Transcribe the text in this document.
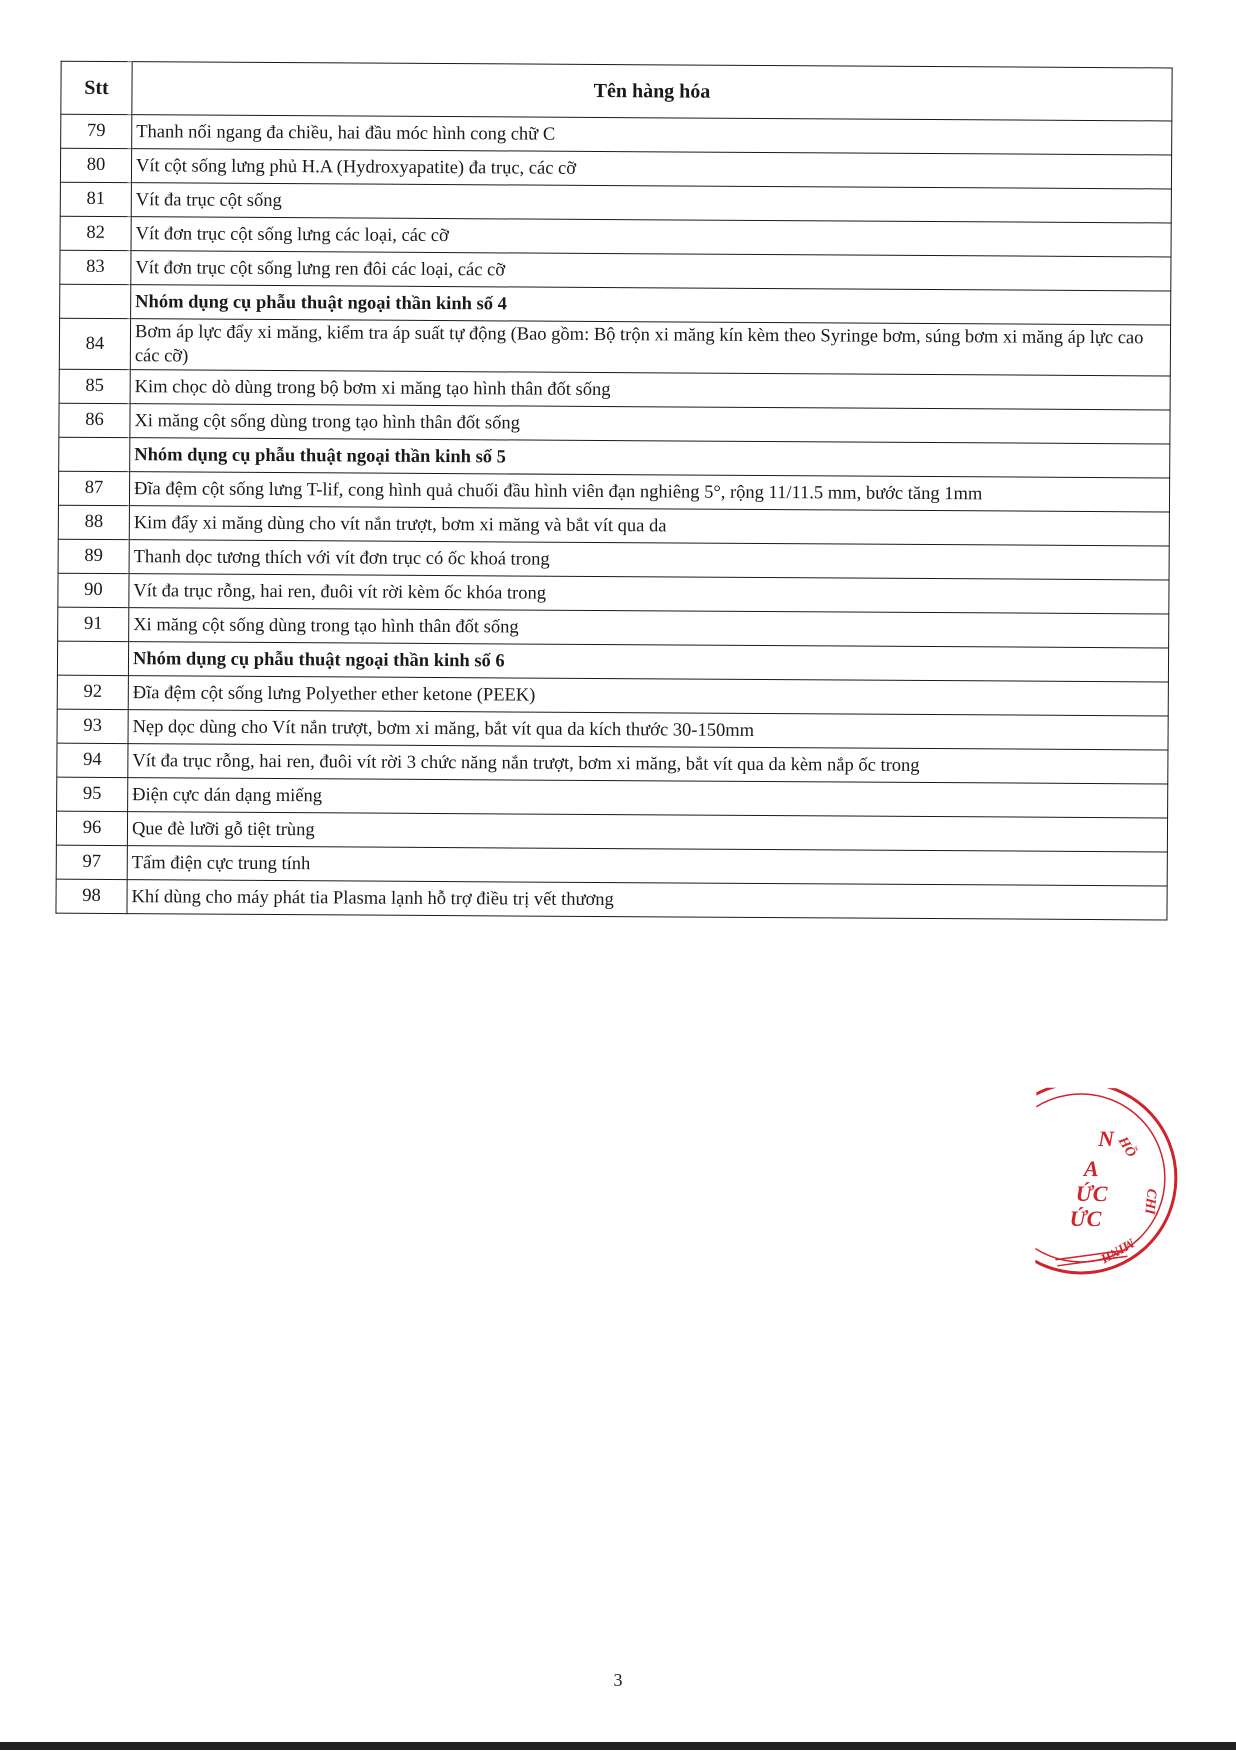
Stt	Tên hàng hóa
79	Thanh nối ngang đa chiều, hai đầu móc hình cong chữ C
80	Vít cột sống lưng phủ H.A (Hydroxyapatite) đa trục, các cỡ
81	Vít đa trục cột sống
82	Vít đơn trục cột sống lưng các loại, các cỡ
83	Vít đơn trục cột sống lưng ren đôi các loại, các cỡ
	Nhóm dụng cụ phẫu thuật ngoại thần kinh số 4
84	Bơm áp lực đẩy xi măng, kiểm tra áp suất tự động (Bao gồm: Bộ trộn xi măng kín kèm theo Syringe bơm, súng bơm xi măng áp lực cao các cỡ)
85	Kim chọc dò dùng trong bộ bơm xi măng tạo hình thân đốt sống
86	Xi măng cột sống dùng trong tạo hình thân đốt sống
	Nhóm dụng cụ phẫu thuật ngoại thần kinh số 5
87	Đĩa đệm cột sống lưng T-lif, cong hình quả chuối đầu hình viên đạn nghiêng 5°, rộng 11/11.5 mm, bước tăng 1mm
88	Kim đẩy xi măng dùng cho vít nắn trượt, bơm xi măng và bắt vít qua da
89	Thanh dọc tương thích với vít đơn trục có ốc khoá trong
90	Vít đa trục rỗng, hai ren, đuôi vít rời kèm ốc khóa trong
91	Xi măng cột sống dùng trong tạo hình thân đốt sống
	Nhóm dụng cụ phẫu thuật ngoại thần kinh số 6
92	Đĩa đệm cột sống lưng Polyether ether ketone (PEEK)
93	Nẹp dọc dùng cho Vít nắn trượt, bơm xi măng, bắt vít qua da kích thước 30-150mm
94	Vít đa trục rỗng, hai ren, đuôi vít rời 3 chức năng nắn trượt, bơm xi măng, bắt vít qua da kèm nắp ốc trong
95	Điện cực dán dạng miếng
96	Que đè lưỡi gỗ tiệt trùng
97	Tấm điện cực trung tính
98	Khí dùng cho máy phát tia Plasma lạnh hỗ trợ điều trị vết thương
N
A
ỨC
ỨC
HỒ
CHÍ
MINH
3
